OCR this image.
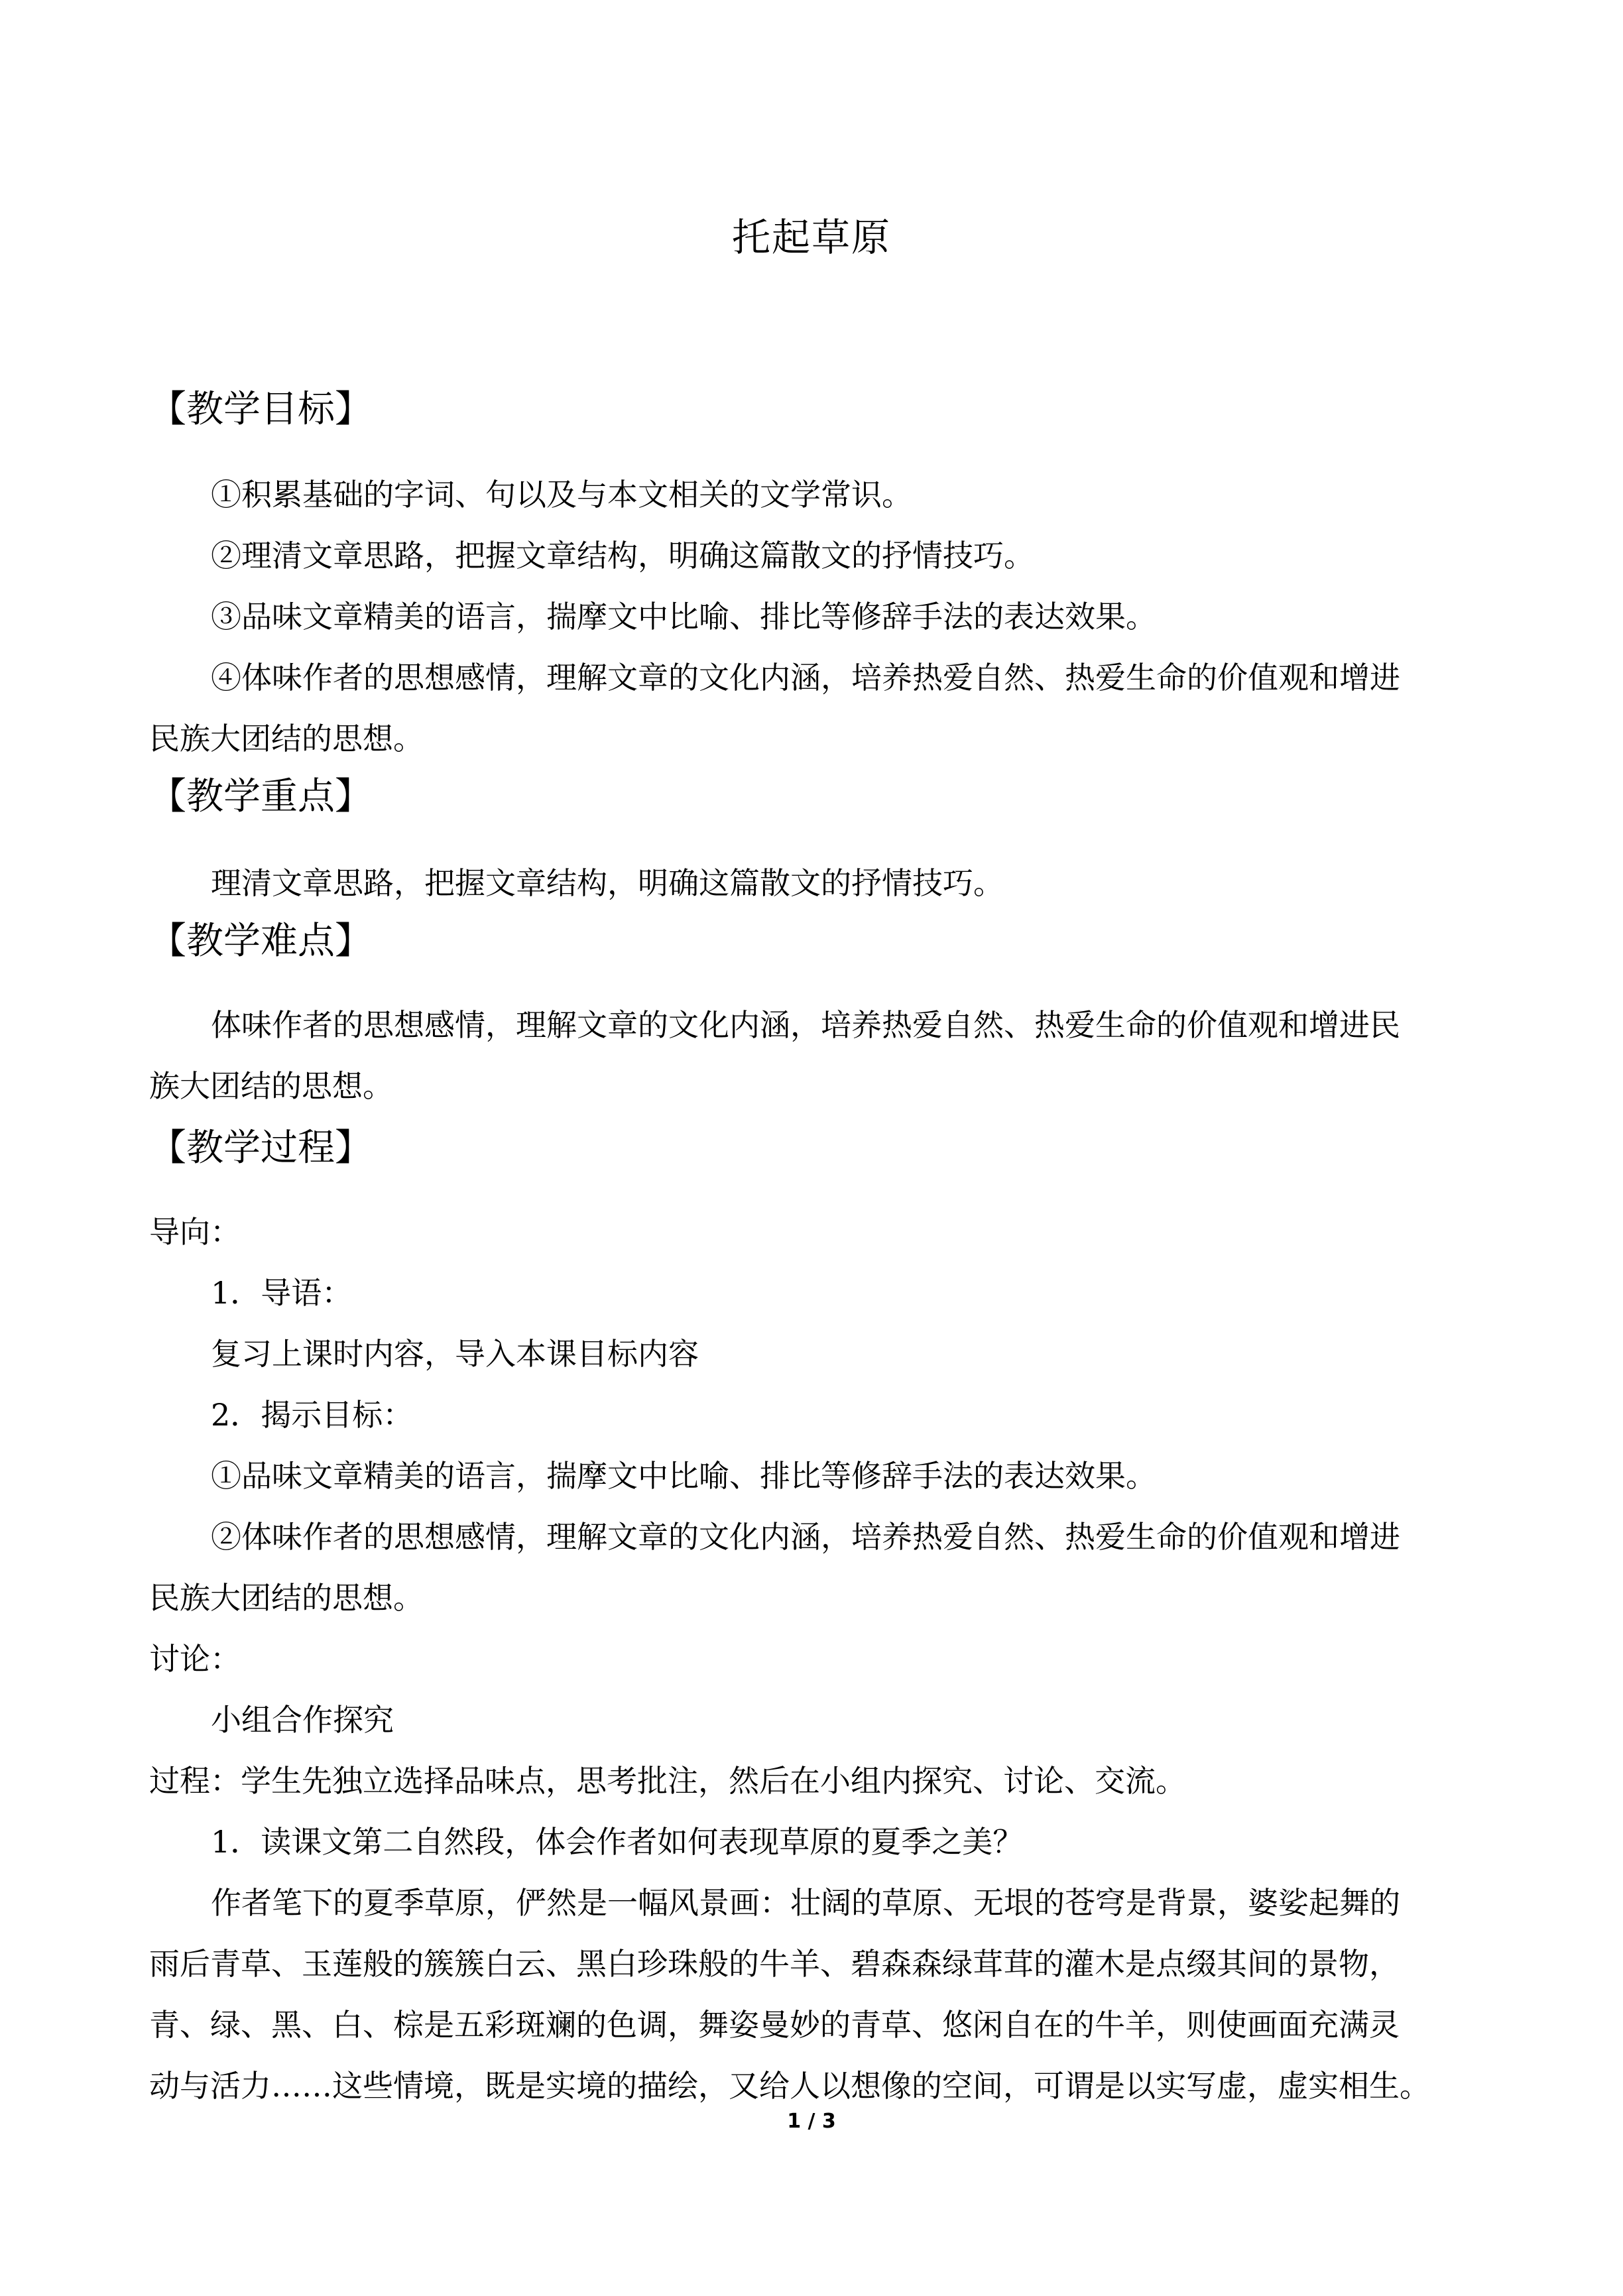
托起草原
【教学目标】
①积累基础的字词、句以及与本文相关的文学常识。
②理清文章思路，把握文章结构，明确这篇散文的抒情技巧。
③品味文章精美的语言，揣摩文中比喻、排比等修辞手法的表达效果。
④体味作者的思想感情，理解文章的文化内涵，培养热爱自然、热爱生命的价值观和增进
民族大团结的思想。
【教学重点】
理清文章思路，把握文章结构，明确这篇散文的抒情技巧。
【教学难点】
体味作者的思想感情，理解文章的文化内涵，培养热爱自然、热爱生命的价值观和增进民
族大团结的思想。
【教学过程】
导向：
1．导语：
复习上课时内容，导入本课目标内容
2．揭示目标：
①品味文章精美的语言，揣摩文中比喻、排比等修辞手法的表达效果。
②体味作者的思想感情，理解文章的文化内涵，培养热爱自然、热爱生命的价值观和增进
民族大团结的思想。
讨论：
小组合作探究
过程：学生先独立选择品味点，思考批注，然后在小组内探究、讨论、交流。
1．读课文第二自然段，体会作者如何表现草原的夏季之美？
作者笔下的夏季草原，俨然是一幅风景画：壮阔的草原、无垠的苍穹是背景，婆娑起舞的
雨后青草、玉莲般的簇簇白云、黑白珍珠般的牛羊、碧森森绿茸茸的灌木是点缀其间的景物，
青、绿、黑、白、棕是五彩斑斓的色调，舞姿曼妙的青草、悠闲自在的牛羊，则使画面充满灵
动与活力……这些情境，既是实境的描绘，又给人以想像的空间，可谓是以实写虚，虚实相生。
1 / 3
